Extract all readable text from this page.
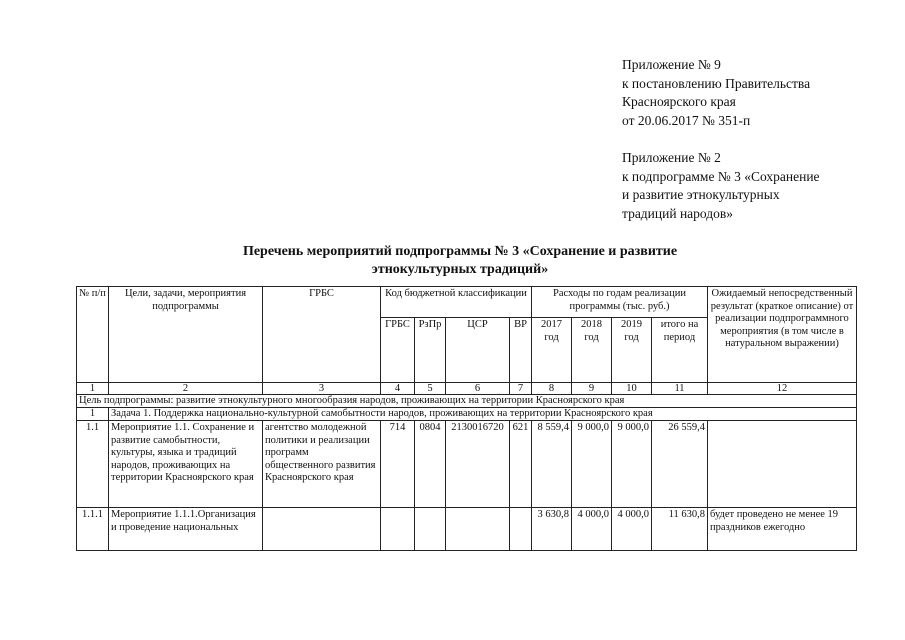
Приложение № 9
к постановлению Правительства
Красноярского края
от 20.06.2017 № 351-п
Приложение № 2
к подпрограмме № 3 «Сохранение
и развитие этнокультурных
традиций народов»
Перечень мероприятий подпрограммы № 3 «Сохранение и развитие
этнокультурных традиций»
№ п/п	Цели, задачи, мероприятия подпрограммы	ГРБС	Код бюджетной классификации				Расходы по годам реализации программы (тыс. руб.)				Ожидаемый непосредственный результат (краткое описание) от реализации подпрограммного мероприятия (в том числе в натуральном выражении)
			ГРБС	РзПр	ЦСР	ВР	2017 год	2018 год	2019 год	итого на период	
1	2	3	4	5	6	7	8	9	10	11	12
Цель подпрограммы: развитие этнокультурного многообразия народов, проживающих на территории Красноярского края											
1	Задача 1. Поддержка национально-культурной самобытности народов, проживающих на территории Красноярского края										
1.1	Мероприятие 1.1. Сохранение и развитие самобытности, культуры, языка и традиций народов, проживающих на территории Красноярского края	агентство молодежной политики и реализации программ общественного развития Красноярского края	714	0804	2130016720	621	8 559,4	9 000,0	9 000,0	26 559,4	
1.1.1	Мероприятие 1.1.1.Организация и проведение национальных						3 630,8	4 000,0	4 000,0	11 630,8	будет проведено не менее 19 праздников ежегодно
